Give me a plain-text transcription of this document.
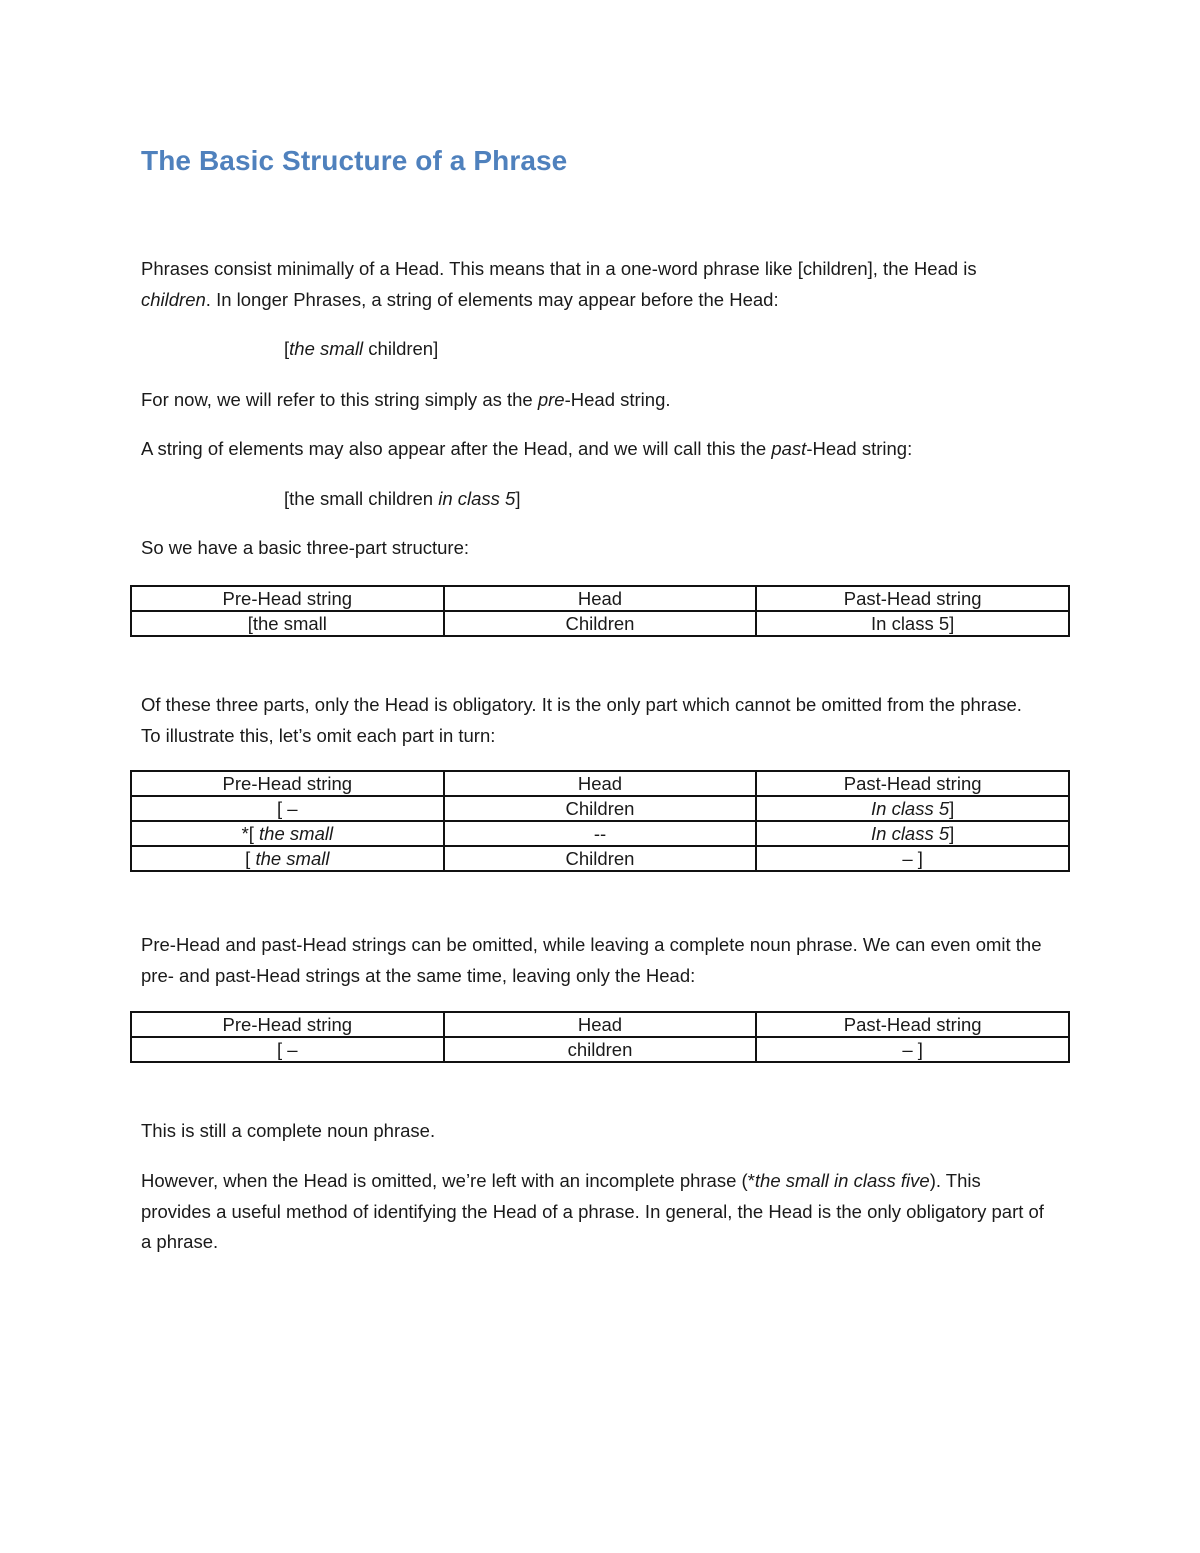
The Basic Structure of a Phrase

Phrases consist minimally of a Head. This means that in a one-word phrase like [children], the Head is children. In longer Phrases, a string of elements may appear before the Head:

[the small children]

For now, we will refer to this string simply as the pre-Head string.

A string of elements may also appear after the Head, and we will call this the past-Head string:

[the small children in class 5]

So we have a basic three-part structure:

Pre-Head string	Head	Past-Head string
[the small	Children	In class 5]

Of these three parts, only the Head is obligatory. It is the only part which cannot be omitted from the phrase. To illustrate this, let’s omit each part in turn:

Pre-Head string	Head	Past-Head string
[ –	Children	In class 5]
*[ the small	--	In class 5]
[ the small	Children	– ]

Pre-Head and past-Head strings can be omitted, while leaving a complete noun phrase. We can even omit the pre- and past-Head strings at the same time, leaving only the Head:

Pre-Head string	Head	Past-Head string
[ –	children	– ]

This is still a complete noun phrase.

However, when the Head is omitted, we’re left with an incomplete phrase (*the small in class five). This provides a useful method of identifying the Head of a phrase. In general, the Head is the only obligatory part of a phrase.
